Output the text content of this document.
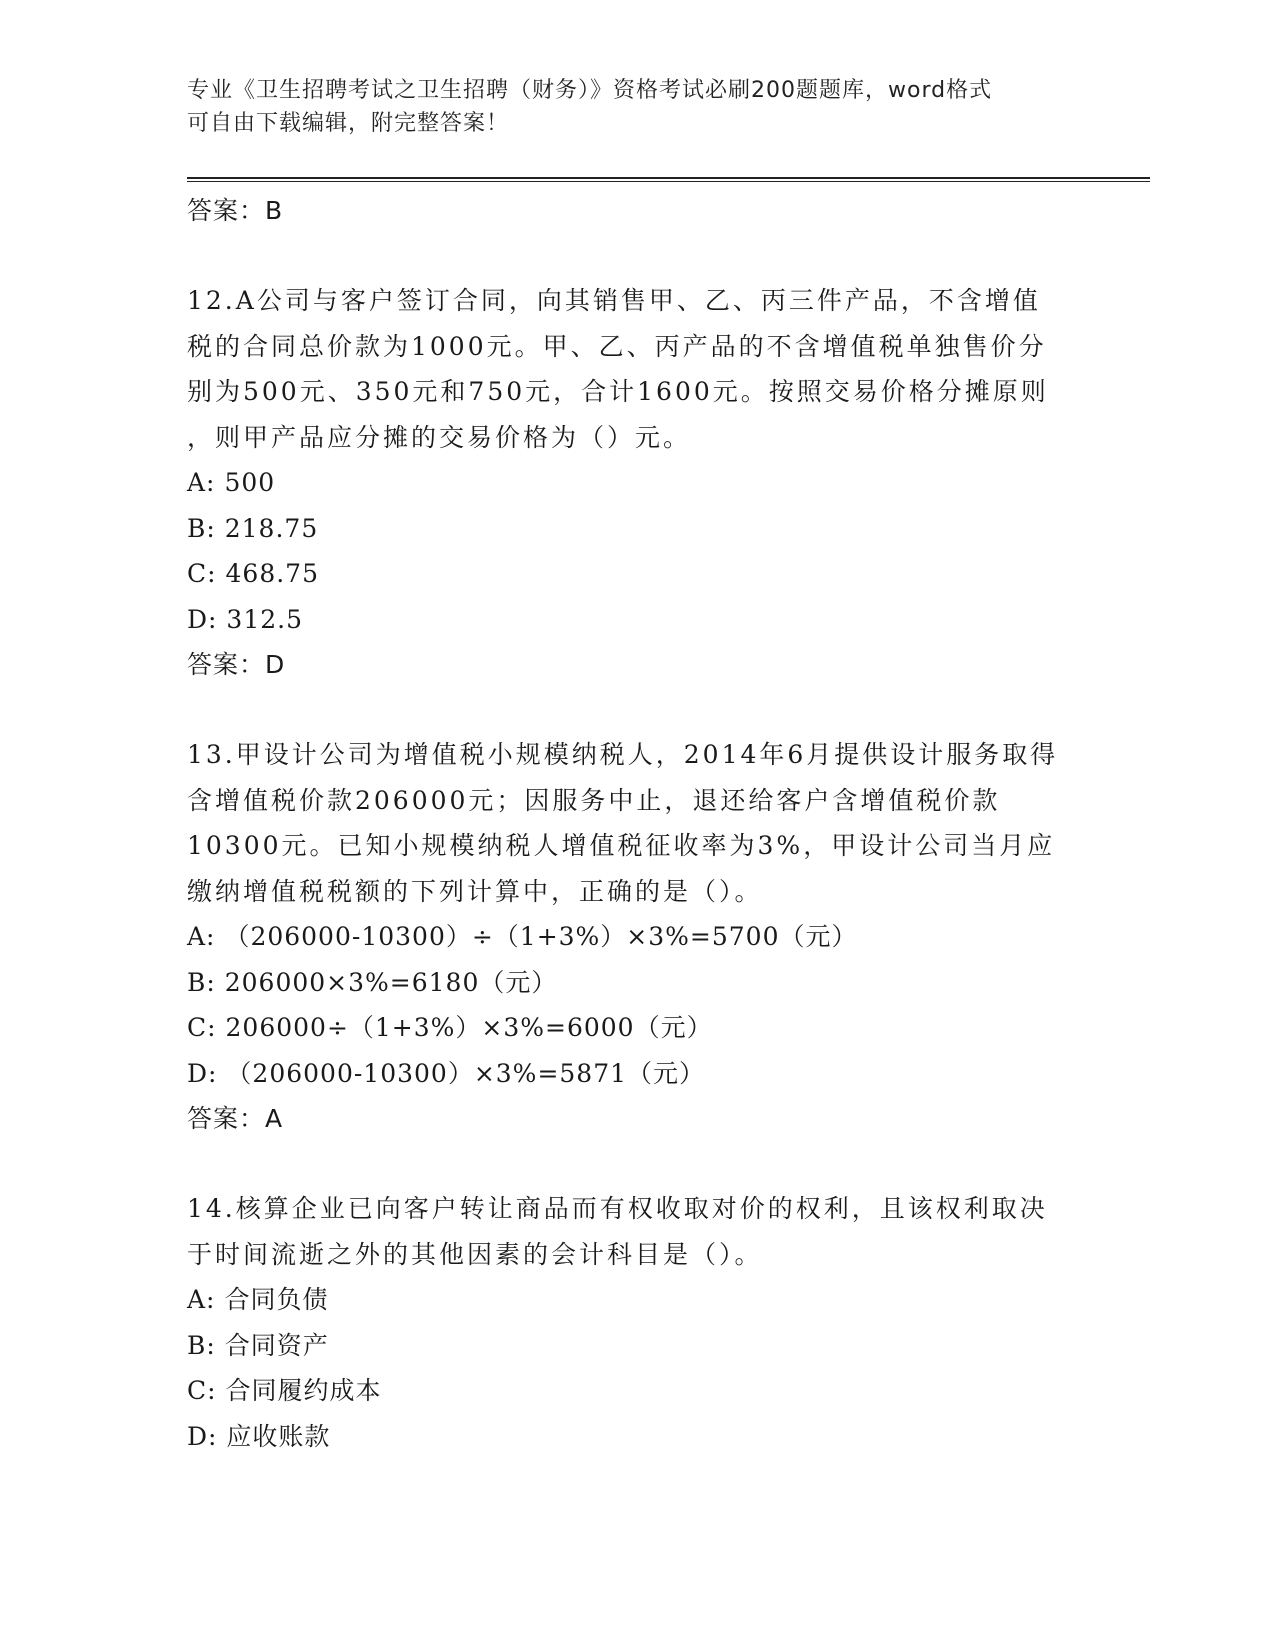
专业《卫生招聘考试之卫生招聘（财务）》资格考试必刷200题题库，word格式
可自由下载编辑，附完整答案！
答案：B
12.A公司与客户签订合同，向其销售甲、乙、丙三件产品，不含增值
税的合同总价款为1000元。甲、乙、丙产品的不含增值税单独售价分
别为500元、350元和750元，合计1600元。按照交易价格分摊原则
，则甲产品应分摊的交易价格为（）元。
A: 500
B: 218.75
C: 468.75
D: 312.5
答案：D
13.甲设计公司为增值税小规模纳税人，2014年6月提供设计服务取得
含增值税价款206000元；因服务中止，退还给客户含增值税价款
10300元。已知小规模纳税人增值税征收率为3%，甲设计公司当月应
缴纳增值税税额的下列计算中，正确的是（）。
A: （206000-10300）÷（1+3%）×3%=5700（元）
B: 206000×3%=6180（元）
C: 206000÷（1+3%）×3%=6000（元）
D: （206000-10300）×3%=5871（元）
答案：A
14.核算企业已向客户转让商品而有权收取对价的权利，且该权利取决
于时间流逝之外的其他因素的会计科目是（）。
A: 合同负债
B: 合同资产
C: 合同履约成本
D: 应收账款
